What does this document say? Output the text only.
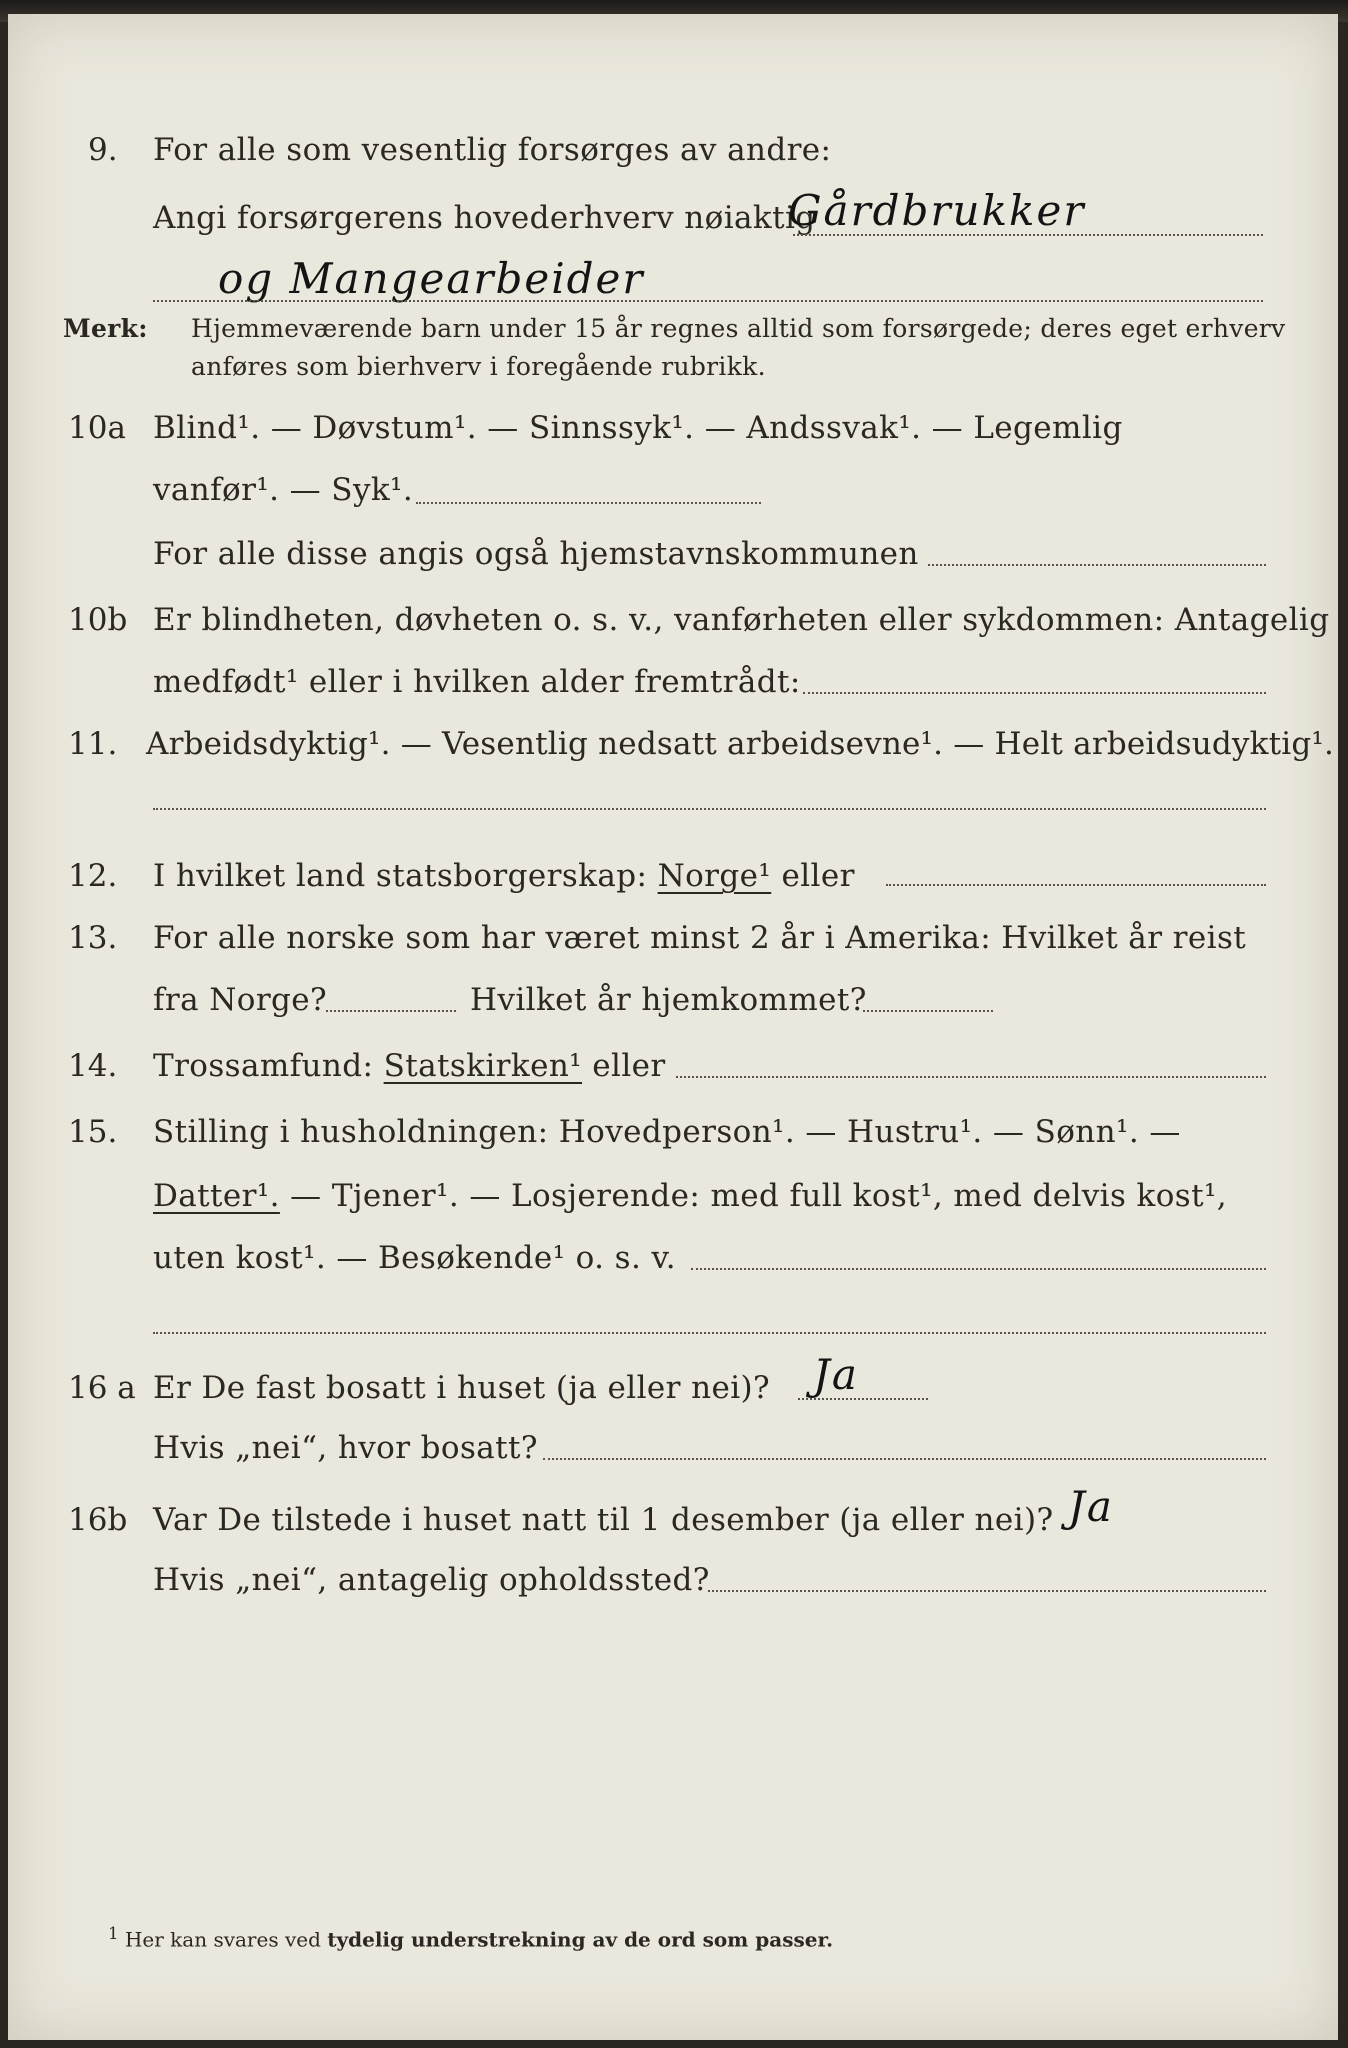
9. For alle som vesentlig forsørges av andre:
Angi forsørgerens hovederhverv nøiaktig
Gårdbrukker
og Mangearbeider
Merk: Hjemmeværende barn under 15 år regnes alltid som forsørgede; deres eget erhverv
anføres som bierhverv i foregående rubrikk.
10a Blind¹. — Døvstum¹. — Sinnssyk¹. — Andssvak¹. — Legemlig
vanfør¹. — Syk¹.
For alle disse angis også hjemstavnskommunen
10b Er blindheten, døvheten o. s. v., vanførheten eller sykdommen: Antagelig
medfødt¹ eller i hvilken alder fremtrådt:
11. Arbeidsdyktig¹. — Vesentlig nedsatt arbeidsevne¹. — Helt arbeidsudyktig¹.
12. I hvilket land statsborgerskap: Norge¹ eller
13. For alle norske som har været minst 2 år i Amerika: Hvilket år reist
fra Norge?	Hvilket år hjemkommet?
14. Trossamfund: Statskirken¹ eller
15. Stilling i husholdningen: Hovedperson¹. — Hustru¹. — Sønn¹. —
Datter¹. — Tjener¹. — Losjerende: med full kost¹, med delvis kost¹,
uten kost¹. — Besøkende¹ o. s. v.
16 a Er De fast bosatt i huset (ja eller nei)? Ja
Hvis „nei“, hvor bosatt?
16b Var De tilstede i huset natt til 1 desember (ja eller nei)? Ja
Hvis „nei“, antagelig opholdssted?
$^1$ Her kan svares ved tydelig understrekning av de ord som passer.
